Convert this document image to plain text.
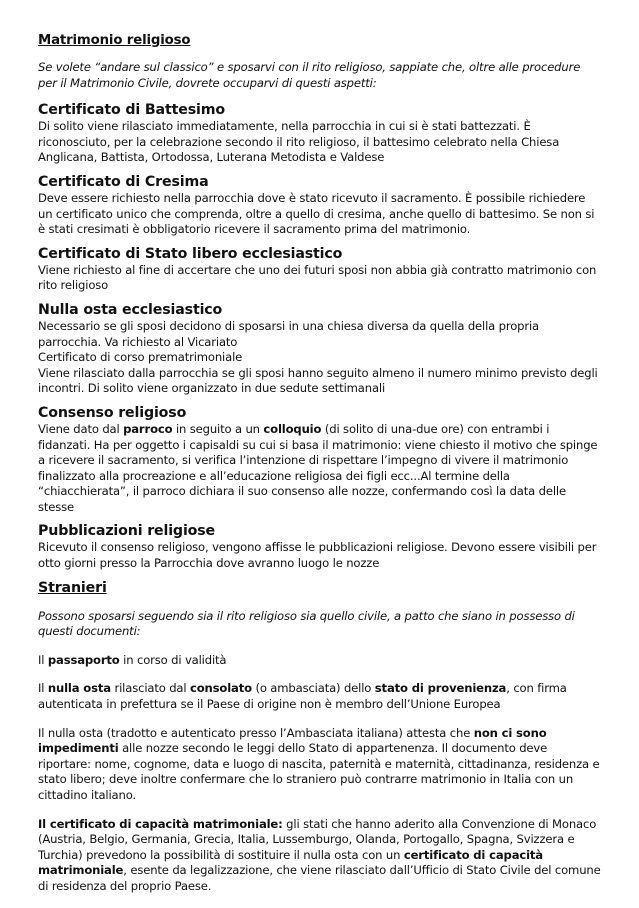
Matrimonio religioso
Se volete “andare sul classico” e sposarvi con il rito religioso, sappiate che, oltre alle procedure per il Matrimonio Civile, dovrete occuparvi di questi aspetti:
Certificato di Battesimo

Di solito viene rilasciato immediatamente, nella parrocchia in cui si è stati battezzati. È riconosciuto, per la celebrazione secondo il rito religioso, il battesimo celebrato nella Chiesa Anglicana, Battista, Ortodossa, Luterana Metodista e Valdese

Certificato di Cresima

Deve essere richiesto nella parrocchia dove è stato ricevuto il sacramento. È possibile richiedere un certificato unico che comprenda, oltre a quello di cresima, anche quello di battesimo. Se non si è stati cresimati è obbligatorio ricevere il sacramento prima del matrimonio.

Certificato di Stato libero ecclesiastico

Viene richiesto al fine di accertare che uno dei futuri sposi non abbia già contratto matrimonio con rito religioso

Nulla osta ecclesiastico

Necessario se gli sposi decidono di sposarsi in una chiesa diversa da quella della propria parrocchia. Va richiesto al Vicariato

Certificato di corso prematrimoniale

Viene rilasciato dalla parrocchia se gli sposi hanno seguito almeno il numero minimo previsto degli incontri. Di solito viene organizzato in due sedute settimanali

Consenso religioso

Viene dato dal parroco in seguito a un colloquio (di solito di una-due ore) con entrambi i fidanzati. Ha per oggetto i capisaldi su cui si basa il matrimonio: viene chiesto il motivo che spinge a ricevere il sacramento, si verifica l’intenzione di rispettare l’impegno di vivere il matrimonio finalizzato alla procreazione e all’educazione religiosa dei figli ecc...Al termine della “chiacchierata”, il parroco dichiara il suo consenso alle nozze, confermando così la data delle stesse

Pubblicazioni religiose

Ricevuto il consenso religioso, vengono affisse le pubblicazioni religiose. Devono essere visibili per otto giorni presso la Parrocchia dove avranno luogo le nozze

Stranieri
Possono sposarsi seguendo sia il rito religioso sia quello civile, a patto che siano in possesso di questi documenti:
Il passaporto in corso di validità
Il nulla osta rilasciato dal consolato (o ambasciata) dello stato di provenienza, con firma autenticata in prefettura se il Paese di origine non è membro dell’Unione Europea
Il nulla osta (tradotto e autenticato presso l’Ambasciata italiana) attesta che non ci sono impedimenti alle nozze secondo le leggi dello Stato di appartenenza. Il documento deve riportare: nome, cognome, data e luogo di nascita, paternità e maternità, cittadinanza, residenza e stato libero; deve inoltre confermare che lo straniero può contrarre matrimonio in Italia con un cittadino italiano.
Il certificato di capacità matrimoniale: gli stati che hanno aderito alla Convenzione di Monaco (Austria, Belgio, Germania, Grecia, Italia, Lussemburgo, Olanda, Portogallo, Spagna, Svizzera e Turchia) prevedono la possibilità di sostituire il nulla osta con un certificato di capacità matrimoniale, esente da legalizzazione, che viene rilasciato dall’Ufficio di Stato Civile del comune di residenza del proprio Paese.
